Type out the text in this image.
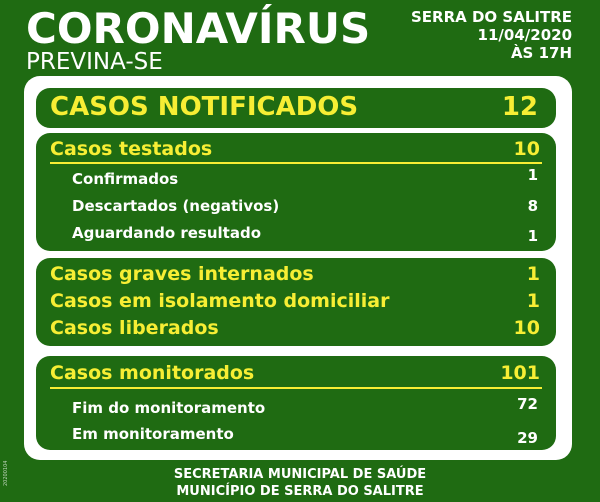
CORONAVÍRUS
PREVINA-SE
SERRA DO SALITRE
11/04/2020
ÀS 17H
20200104
CASOS NOTIFICADOS	12
Casos testados	10
Confirmados	1
Descartados (negativos)	8
Aguardando resultado	1
Casos graves internados	1
Casos em isolamento domiciliar	1
Casos liberados	10
Casos monitorados	101
Fim do monitoramento	72
Em monitoramento	29
SECRETARIA MUNICIPAL DE SAÚDE
MUNICÍPIO DE SERRA DO SALITRE
